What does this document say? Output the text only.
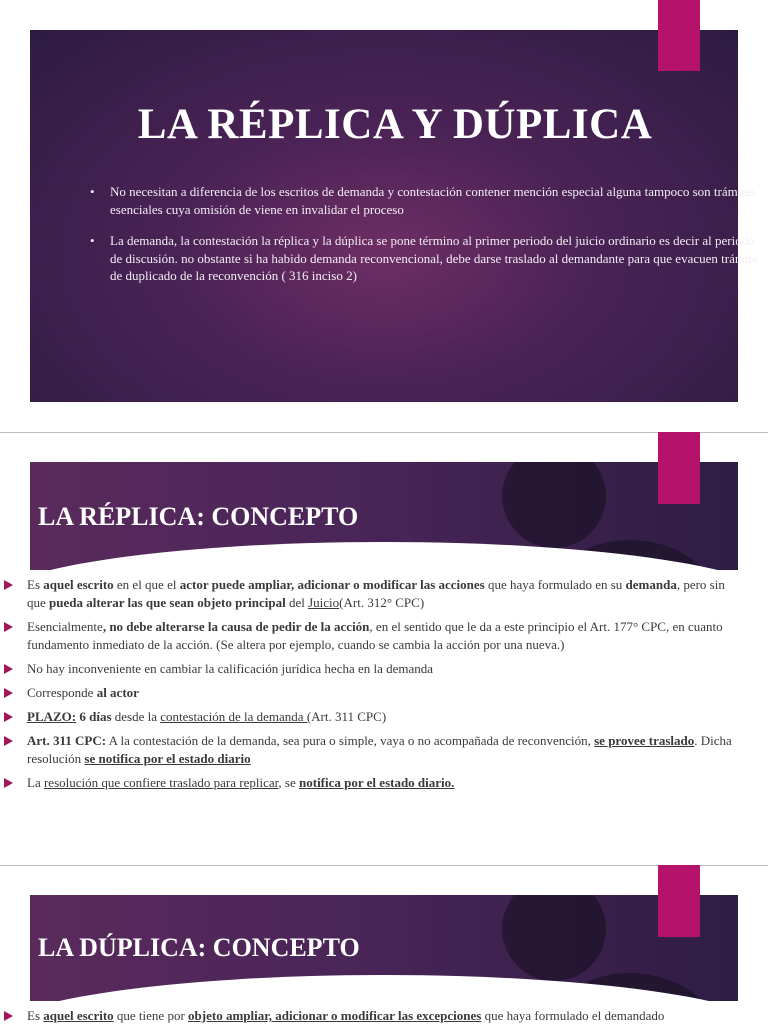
LA RÉPLICA Y DÚPLICA
•	No necesitan a diferencia de los escritos de demanda y contestación contener mención especial alguna tampoco son trámites esenciales cuya omisión de viene en invalidar el proceso
•	La demanda, la contestación la réplica y la dúplica se pone término al primer periodo del juicio ordinario es decir al periodo de discusión. no obstante si ha habido demanda reconvencional, debe darse traslado al demandante para que evacuen trámite de duplicado de la reconvención ( 316 inciso 2)
LA RÉPLICA: CONCEPTO
Es aquel escrito en el que el actor puede ampliar, adicionar o modificar las acciones que haya formulado en su demanda, pero sin que pueda alterar las que sean objeto principal del Juicio(Art. 312° CPC)
Esencialmente, no debe alterarse la causa de pedir de la acción, en el sentido que le da a este principio el Art. 177° CPC, en cuanto fundamento inmediato de la acción. (Se altera por ejemplo, cuando se cambia la acción por una nueva.)
No hay inconveniente en cambiar la calificación jurídica hecha en la demanda
Corresponde al actor
PLAZO: 6 días desde la contestación de la demanda (Art. 311 CPC)
Art. 311 CPC: A la contestación de la demanda, sea pura o simple, vaya o no acompañada de reconvención, se provee traslado. Dicha resolución se notifica por el estado diario
La resolución que confiere traslado para replicar, se notifica por el estado diario.
LA DÚPLICA: CONCEPTO
Es aquel escrito que tiene por objeto ampliar, adicionar o modificar las excepciones que haya formulado el demandado
